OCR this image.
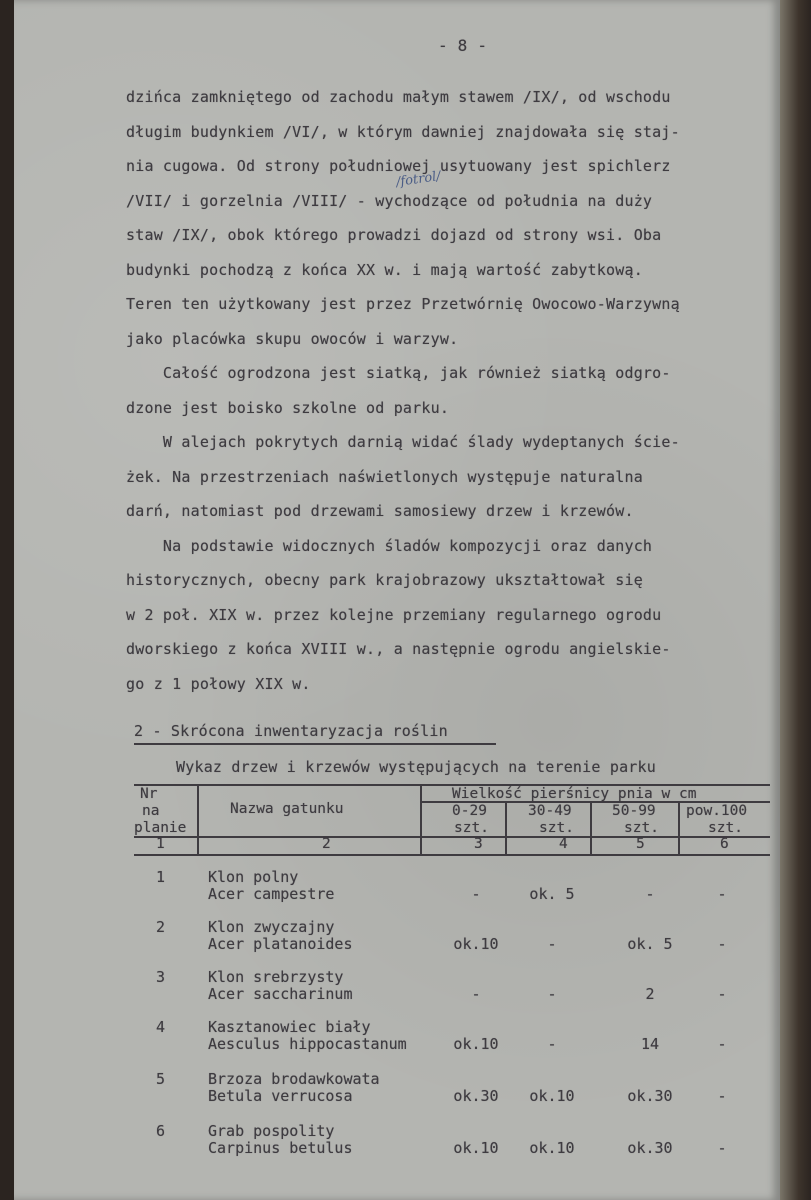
- 8 -

dzińca zamkniętego od zachodu małym stawem /IX/, od wschodu

długim budynkiem /VI/, w którym dawniej znajdowała się staj-

nia cugowa. Od strony południowej usytuowany jest spichlerz

/VII/ i gorzelnia /VIII/ - wychodzące od południa na duży

staw /IX/, obok którego prowadzi dojazd od strony wsi. Oba

budynki pochodzą z końca XX w. i mają wartość zabytkową.

Teren ten użytkowany jest przez Przetwórnię Owocowo-Warzywną

jako placówka skupu owoców i warzyw.

Całość ogrodzona jest siatką, jak również siatką odgro-

dzone jest boisko szkolne od parku.

W alejach pokrytych darnią widać ślady wydeptanych ście-

żek. Na przestrzeniach naświetlonych występuje naturalna

darń, natomiast pod drzewami samosiewy drzew i krzewów.

Na podstawie widocznych śladów kompozycji oraz danych

historycznych, obecny park krajobrazowy ukształtował się

w 2 poł. XIX w. przez kolejne przemiany regularnego ogrodu

dworskiego z końca XVIII w., a następnie ogrodu angielskie-

go z 1 połowy XIX w.

/fotrol/

2 - Skrócona inwentaryzacja roślin

Wykaz drzew i krzewów występujących na terenie parku

Nr
na
planie
Nazwa gatunku
Wielkość pierśnicy pnia w cm
0-29	30-49	50-99 pow.100
szt.	szt.	szt.	szt.
1	2	3	4	5	6
1	Klon polny
Acer campestre	-	ok. 5	-	-
2	Klon zwyczajny
Acer platanoides	ok.10	-	ok. 5	-
3	Klon srebrzysty
Acer saccharinum	-	-	2	-
4	Kasztanowiec biały
Aesculus hippocastanum	ok.10	-	14	-
5	Brzoza brodawkowata
Betula verrucosa	ok.30 ok.10	ok.30	-
6	Grab pospolity
Carpinus betulus	ok.10 ok.10	ok.30	-
